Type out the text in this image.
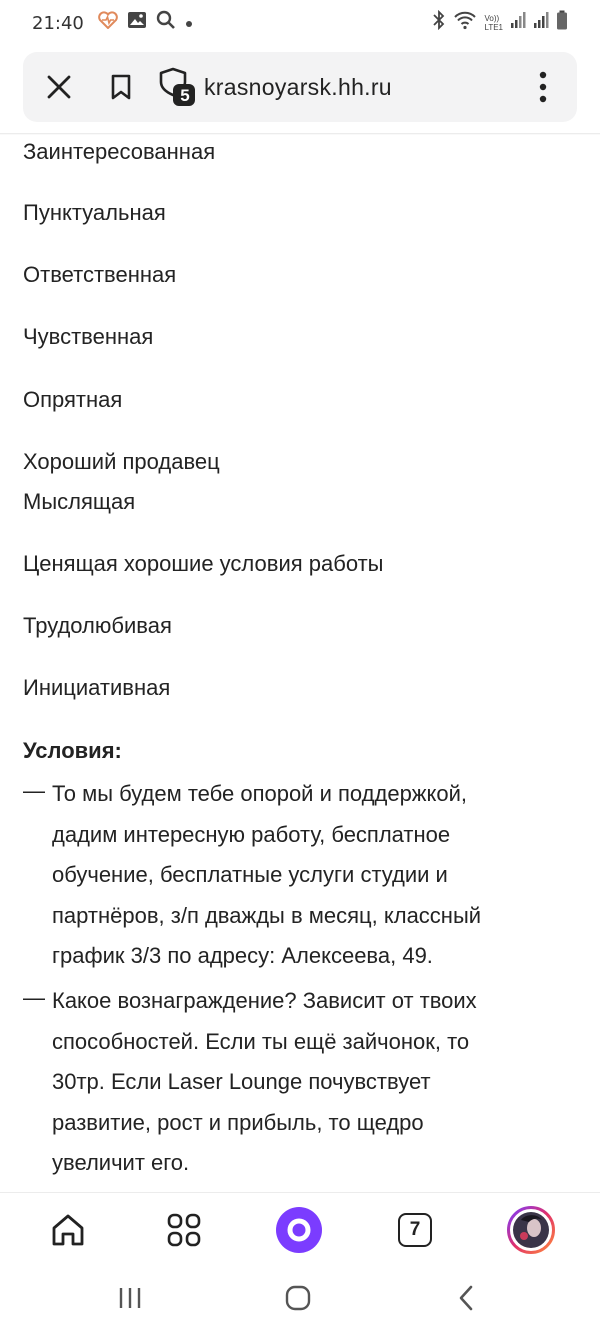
21:40	Vo))
LTE1
5 krasnoyarsk.hh.ru
Заинтересованная
Пунктуальная
Ответственная
Чувственная
Опрятная
Хороший продавец
Мыслящая
Ценящая хорошие условия работы
Трудолюбивая
Инициативная
Условия:
— То мы будем тебе опорой и поддержкой,
дадим интересную работу, бесплатное
обучение, бесплатные услуги студии и
партнёров, з/п дважды в месяц, классный
график 3/3 по адресу: Алексеева, 49.
— Какое вознаграждение? Зависит от твоих
способностей. Если ты ещё зайчонок, то
30тр. Если Laser Lounge почувствует
развитие, рост и прибыль, то щедро
увеличит его.
7
